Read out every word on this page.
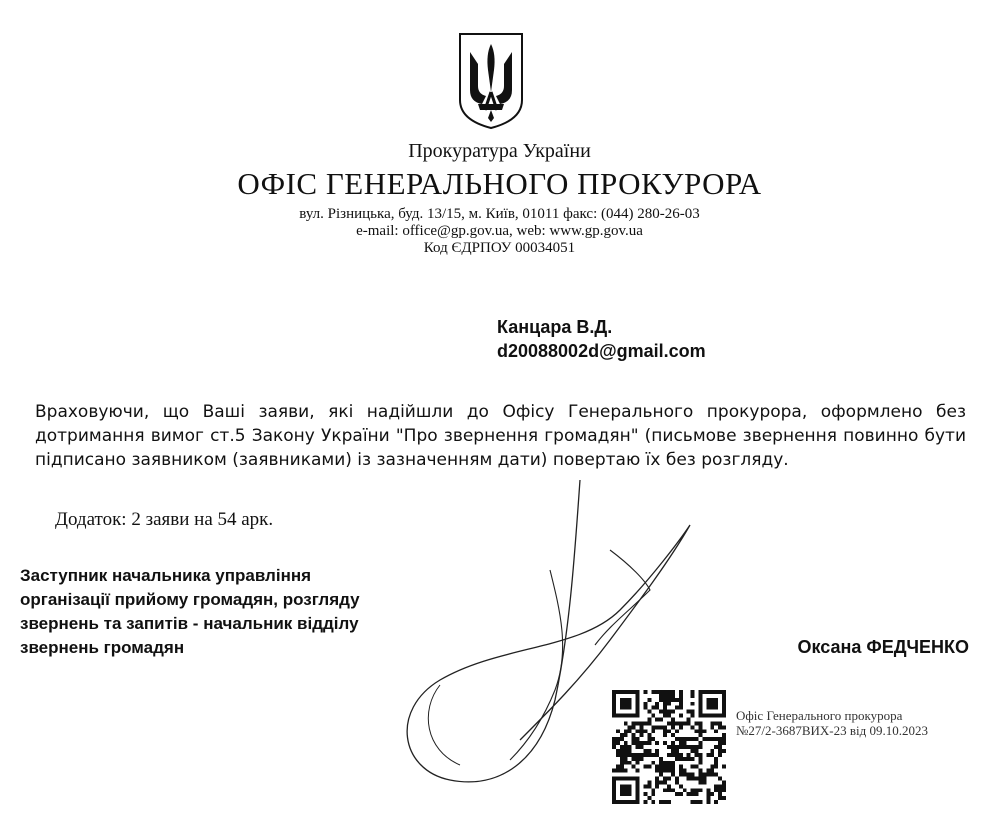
Прокуратура України
ОФІС ГЕНЕРАЛЬНОГО ПРОКУРОРА
вул. Різницька, буд. 13/15, м. Київ, 01011 факс: (044) 280-26-03
e-mail: office@gp.gov.ua, web: www.gp.gov.ua
Код ЄДРПОУ 00034051
Канцара В.Д.
d20088002d@gmail.com
Враховуючи, що Ваші заяви, які надійшли до Офісу Генерального прокурора, оформлено без дотримання вимог ст.5 Закону України "Про звернення громадян" (письмове звернення повинно бути підписано заявником (заявниками) із зазначенням дати) повертаю їх без розгляду.
Додаток: 2 заяви на 54 арк.
Заступник начальника управління
організації прийому громадян, розгляду
звернень та запитів - начальник відділу
звернень громадян	Оксана ФЕДЧЕНКО
Офіс Генерального прокурора
№27/2-3687ВИХ-23 від 09.10.2023
